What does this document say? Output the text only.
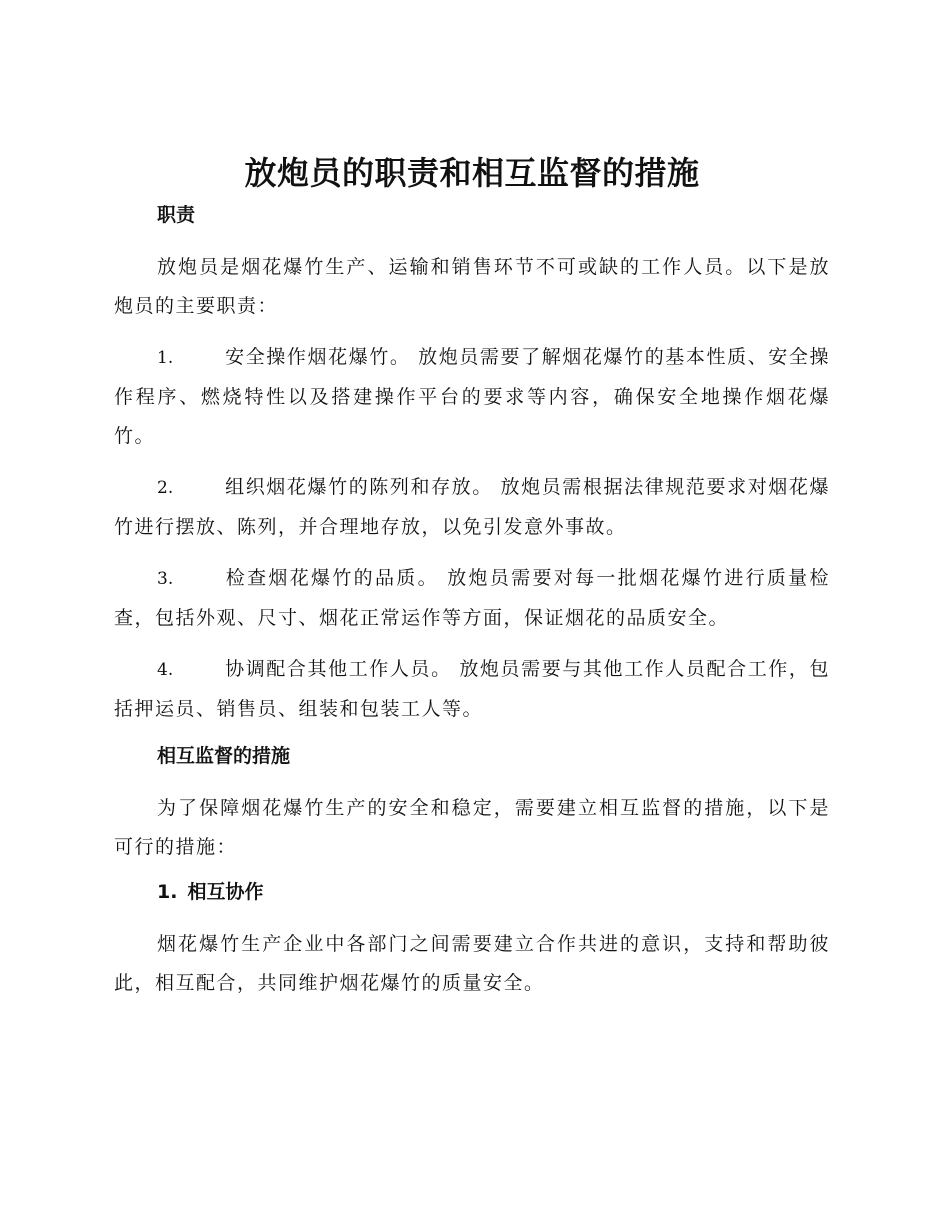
放炮员的职责和相互监督的措施
职责

放炮员是烟花爆竹生产、运输和销售环节不可或缺的工作人员。以下是放炮员的主要职责：

1.	安全操作烟花爆竹。 放炮员需要了解烟花爆竹的基本性质、安全操作程序、燃烧特性以及搭建操作平台的要求等内容，确保安全地操作烟花爆竹。

2.	组织烟花爆竹的陈列和存放。 放炮员需根据法律规范要求对烟花爆竹进行摆放、陈列，并合理地存放，以免引发意外事故。

3.	检查烟花爆竹的品质。 放炮员需要对每一批烟花爆竹进行质量检查，包括外观、尺寸、烟花正常运作等方面，保证烟花的品质安全。

4.	协调配合其他工作人员。 放炮员需要与其他工作人员配合工作，包括押运员、销售员、组装和包装工人等。

相互监督的措施

为了保障烟花爆竹生产的安全和稳定，需要建立相互监督的措施，以下是可行的措施：

1. 相互协作

烟花爆竹生产企业中各部门之间需要建立合作共进的意识，支持和帮助彼此，相互配合，共同维护烟花爆竹的质量安全。
